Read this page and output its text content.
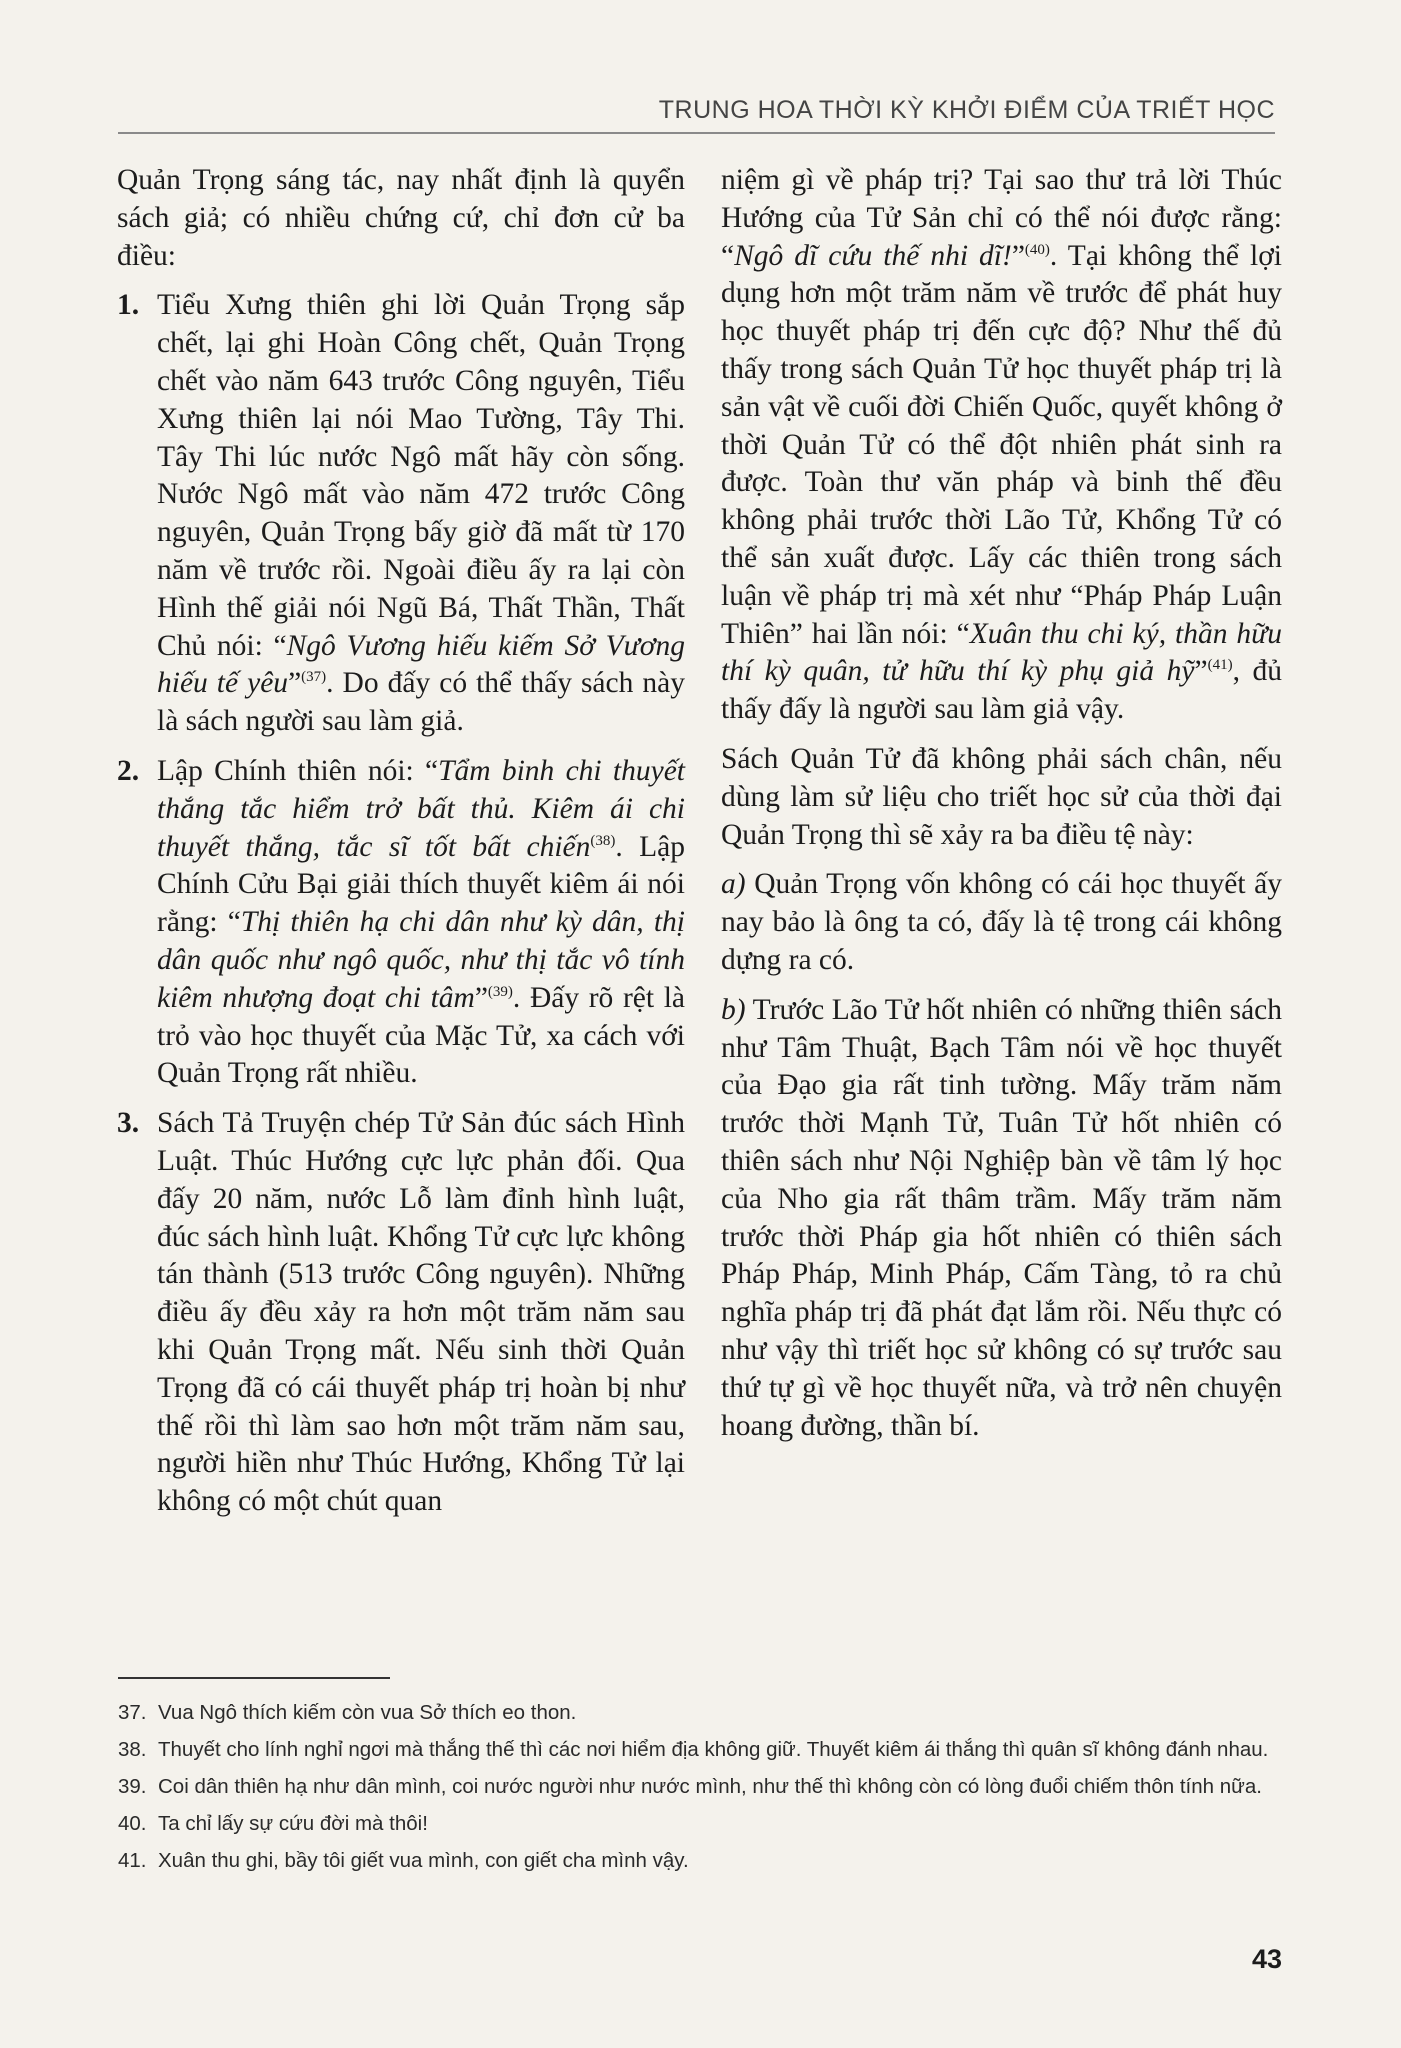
TRUNG HOA THỜI KỲ KHỞI ĐIỂM CỦA TRIẾT HỌC

Quản Trọng sáng tác, nay nhất định là quyển sách giả; có nhiều chứng cứ, chỉ đơn cử ba điều:

1. Tiểu Xưng thiên ghi lời Quản Trọng sắp chết, lại ghi Hoàn Công chết, Quản Trọng chết vào năm 643 trước Công nguyên, Tiểu Xưng thiên lại nói Mao Tường, Tây Thi. Tây Thi lúc nước Ngô mất hãy còn sống. Nước Ngô mất vào năm 472 trước Công nguyên, Quản Trọng bấy giờ đã mất từ 170 năm về trước rồi. Ngoài điều ấy ra lại còn Hình thế giải nói Ngũ Bá, Thất Thần, Thất Chủ nói: “Ngô Vương hiếu kiếm Sở Vương hiếu tế yêu”$^{(37)}$. Do đấy có thể thấy sách này là sách người sau làm giả.
2. Lập Chính thiên nói: “Tẩm binh chi thuyết thắng tắc hiểm trở bất thủ. Kiêm ái chi thuyết thắng, tắc sĩ tốt bất chiến$^{(38)}$. Lập Chính Cửu Bại giải thích thuyết kiêm ái nói rằng: “Thị thiên hạ chi dân như kỳ dân, thị dân quốc như ngô quốc, như thị tắc vô tính kiêm nhượng đoạt chi tâm”$^{(39)}$. Đấy rõ rệt là trỏ vào học thuyết của Mặc Tử, xa cách với Quản Trọng rất nhiều.
3. Sách Tả Truyện chép Tử Sản đúc sách Hình Luật. Thúc Hướng cực lực phản đối. Qua đấy 20 năm, nước Lỗ làm đỉnh hình luật, đúc sách hình luật. Khổng Tử cực lực không tán thành (513 trước Công nguyên). Những điều ấy đều xảy ra hơn một trăm năm sau khi Quản Trọng mất. Nếu sinh thời Quản Trọng đã có cái thuyết pháp trị hoàn bị như thế rồi thì làm sao hơn một trăm năm sau, người hiền như Thúc Hướng, Khổng Tử lại không có một chút quan

niệm gì về pháp trị? Tại sao thư trả lời Thúc Hướng của Tử Sản chỉ có thể nói được rằng: “Ngô dĩ cứu thế nhi dĩ!”$^{(40)}$. Tại không thể lợi dụng hơn một trăm năm về trước để phát huy học thuyết pháp trị đến cực độ? Như thế đủ thấy trong sách Quản Tử học thuyết pháp trị là sản vật về cuối đời Chiến Quốc, quyết không ở thời Quản Tử có thể đột nhiên phát sinh ra được. Toàn thư văn pháp và binh thế đều không phải trước thời Lão Tử, Khổng Tử có thể sản xuất được. Lấy các thiên trong sách luận về pháp trị mà xét như “Pháp Pháp Luận Thiên” hai lần nói: “Xuân thu chi ký, thần hữu thí kỳ quân, tử hữu thí kỳ phụ giả hỹ”$^{(41)}$, đủ thấy đấy là người sau làm giả vậy.

Sách Quản Tử đã không phải sách chân, nếu dùng làm sử liệu cho triết học sử của thời đại Quản Trọng thì sẽ xảy ra ba điều tệ này:

a) Quản Trọng vốn không có cái học thuyết ấy nay bảo là ông ta có, đấy là tệ trong cái không dựng ra có.

b) Trước Lão Tử hốt nhiên có những thiên sách như Tâm Thuật, Bạch Tâm nói về học thuyết của Đạo gia rất tinh tường. Mấy trăm năm trước thời Mạnh Tử, Tuân Tử hốt nhiên có thiên sách như Nội Nghiệp bàn về tâm lý học của Nho gia rất thâm trầm. Mấy trăm năm trước thời Pháp gia hốt nhiên có thiên sách Pháp Pháp, Minh Pháp, Cấm Tàng, tỏ ra chủ nghĩa pháp trị đã phát đạt lắm rồi. Nếu thực có như vậy thì triết học sử không có sự trước sau thứ tự gì về học thuyết nữa, và trở nên chuyện hoang đường, thần bí.

37. Vua Ngô thích kiếm còn vua Sở thích eo thon.
38. Thuyết cho lính nghỉ ngơi mà thắng thế thì các nơi hiểm địa không giữ. Thuyết kiêm ái thắng thì quân sĩ không đánh nhau.
39. Coi dân thiên hạ như dân mình, coi nước người như nước mình, như thế thì không còn có lòng đuổi chiếm thôn tính nữa.
40. Ta chỉ lấy sự cứu đời mà thôi!
41. Xuân thu ghi, bầy tôi giết vua mình, con giết cha mình vậy.
43
